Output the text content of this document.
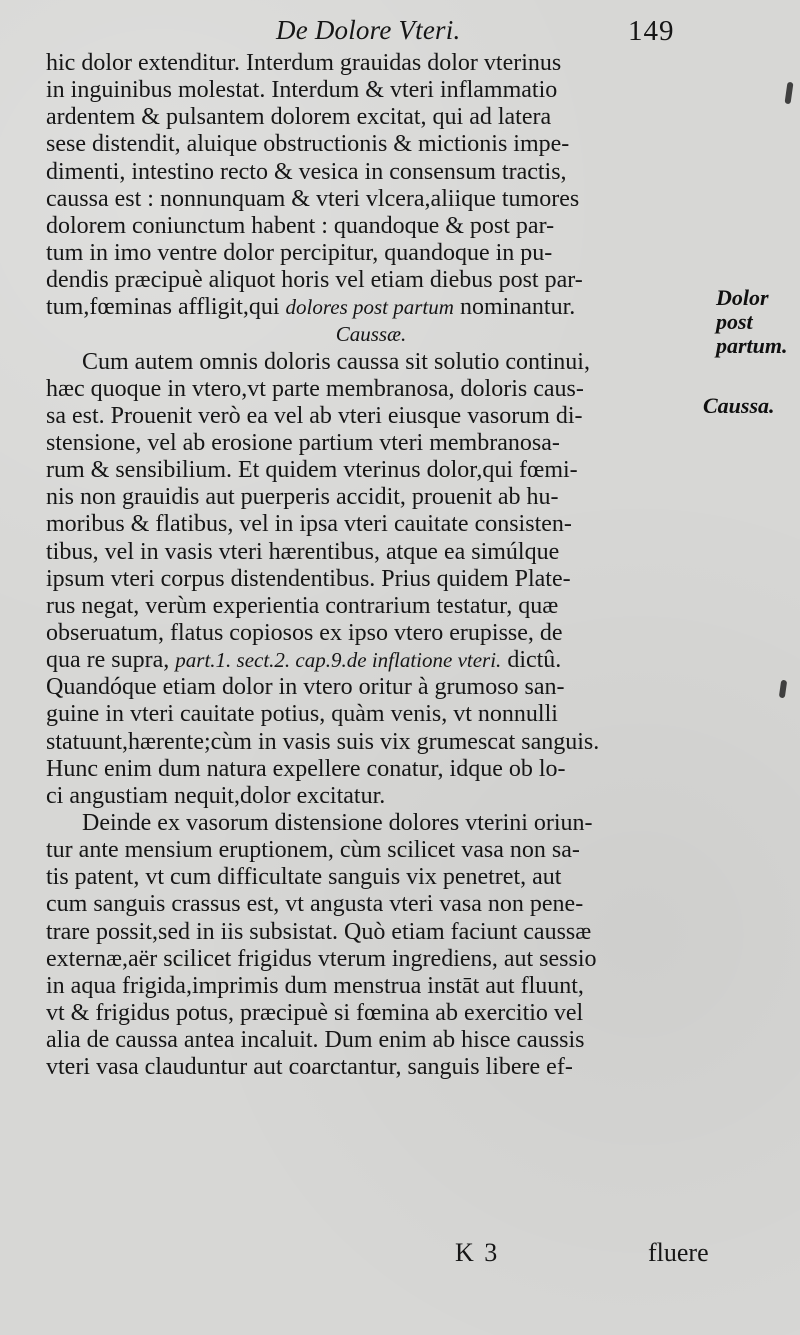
De Dolore Vteri.	149
hic dolor extenditur. Interdum grauidas dolor vterinus
in inguinibus molestat. Interdum & vteri inflammatio
ardentem & pulsantem dolorem excitat, qui ad latera
sese distendit, aluique obstructionis & mictionis impe-
dimenti, intestino recto & vesica in consensum tractis,
caussa est : nonnunquam & vteri vlcera,aliique tumores
dolorem coniunctum habent : quandoque & post par-
tum in imo ventre dolor percipitur, quandoque in pu-
dendis præcipuè aliquot horis vel etiam diebus post par-
tum,fœminas affligit,qui dolores post partum nominantur.
Caussæ.
Cum autem omnis doloris caussa sit solutio continui,
hæc quoque in vtero,vt parte membranosa, doloris caus-
sa est. Prouenit verò ea vel ab vteri eiusque vasorum di-
stensione, vel ab erosione partium vteri membranosa-
rum & sensibilium. Et quidem vterinus dolor,qui fœmi-
nis non grauidis aut puerperis accidit, prouenit ab hu-
moribus & flatibus, vel in ipsa vteri cauitate consisten-
tibus, vel in vasis vteri hærentibus, atque ea simúlque
ipsum vteri corpus distendentibus. Prius quidem Plate-
rus negat, verùm experientia contrarium testatur, quæ
obseruatum, flatus copiosos ex ipso vtero erupisse, de
qua re supra, part.1. sect.2. cap.9.de inflatione vteri. dictû.
Quandóque etiam dolor in vtero oritur à grumoso san-
guine in vteri cauitate potius, quàm venis, vt nonnulli
statuunt,hærente;cùm in vasis suis vix grumescat sanguis.
Hunc enim dum natura expellere conatur, idque ob lo-
ci angustiam nequit,dolor excitatur.
Deinde ex vasorum distensione dolores vterini oriun-
tur ante mensium eruptionem, cùm scilicet vasa non sa-
tis patent, vt cum difficultate sanguis vix penetret, aut
cum sanguis crassus est, vt angusta vteri vasa non pene-
trare possit,sed in iis subsistat. Quò etiam faciunt caussæ
externæ,aër scilicet frigidus vterum ingrediens, aut sessio
in aqua frigida,imprimis dum menstrua instāt aut fluunt,
vt & frigidus potus, præcipuè si fœmina ab exercitio vel
alia de caussa antea incaluit. Dum enim ab hisce caussis
vteri vasa clauduntur aut coarctantur, sanguis libere ef-
Dolor post partum.
Caussa.
K 3	fluere
